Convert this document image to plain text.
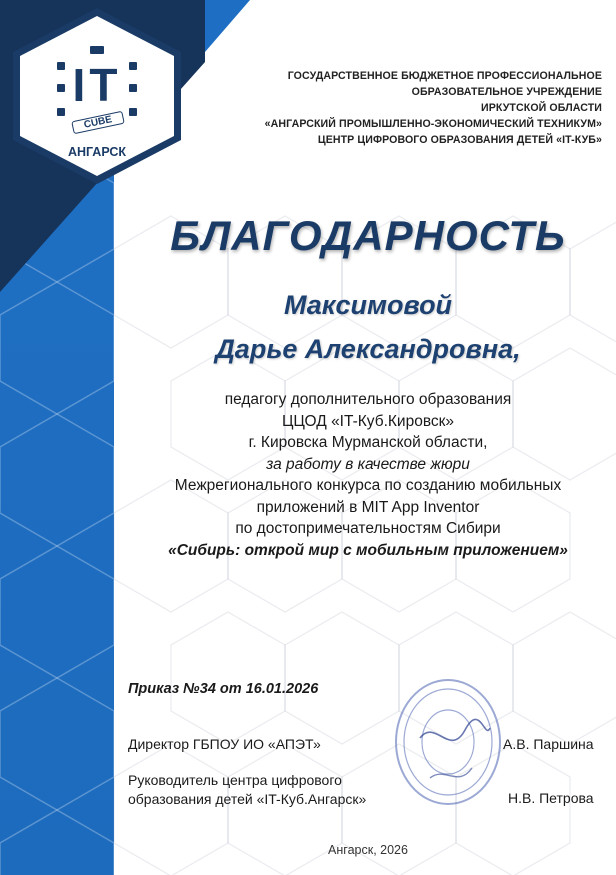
IT
CUBE
АНГАРСК
ГОСУДАРСТВЕННОЕ БЮДЖЕТНОЕ ПРОФЕССИОНАЛЬНОЕ
ОБРАЗОВАТЕЛЬНОЕ УЧРЕЖДЕНИЕ
ИРКУТСКОЙ ОБЛАСТИ
«АНГАРСКИЙ ПРОМЫШЛЕННО-ЭКОНОМИЧЕСКИЙ ТЕХНИКУМ»
ЦЕНТР ЦИФРОВОГО ОБРАЗОВАНИЯ ДЕТЕЙ «IT-КУБ»
БЛАГОДАРНОСТЬ
Максимовой
Дарье Александровна,
педагогу дополнительного образования
ЦЦОД «IT-Куб.Кировск»
г. Кировска Мурманской области,
за работу в качестве жюри
Межрегионального конкурса по созданию мобильных
приложений в MIT App Inventor
по достопримечательностям Сибири
«Сибирь: открой мир с мобильным приложением»
Приказ №34 от 16.01.2026
Директор ГБПОУ ИО «АПЭТ»	А.В. Паршина
Руководитель центра цифрового
образования детей «IT-Куб.Ангарск»	Н.В. Петрова
Ангарск, 2026
